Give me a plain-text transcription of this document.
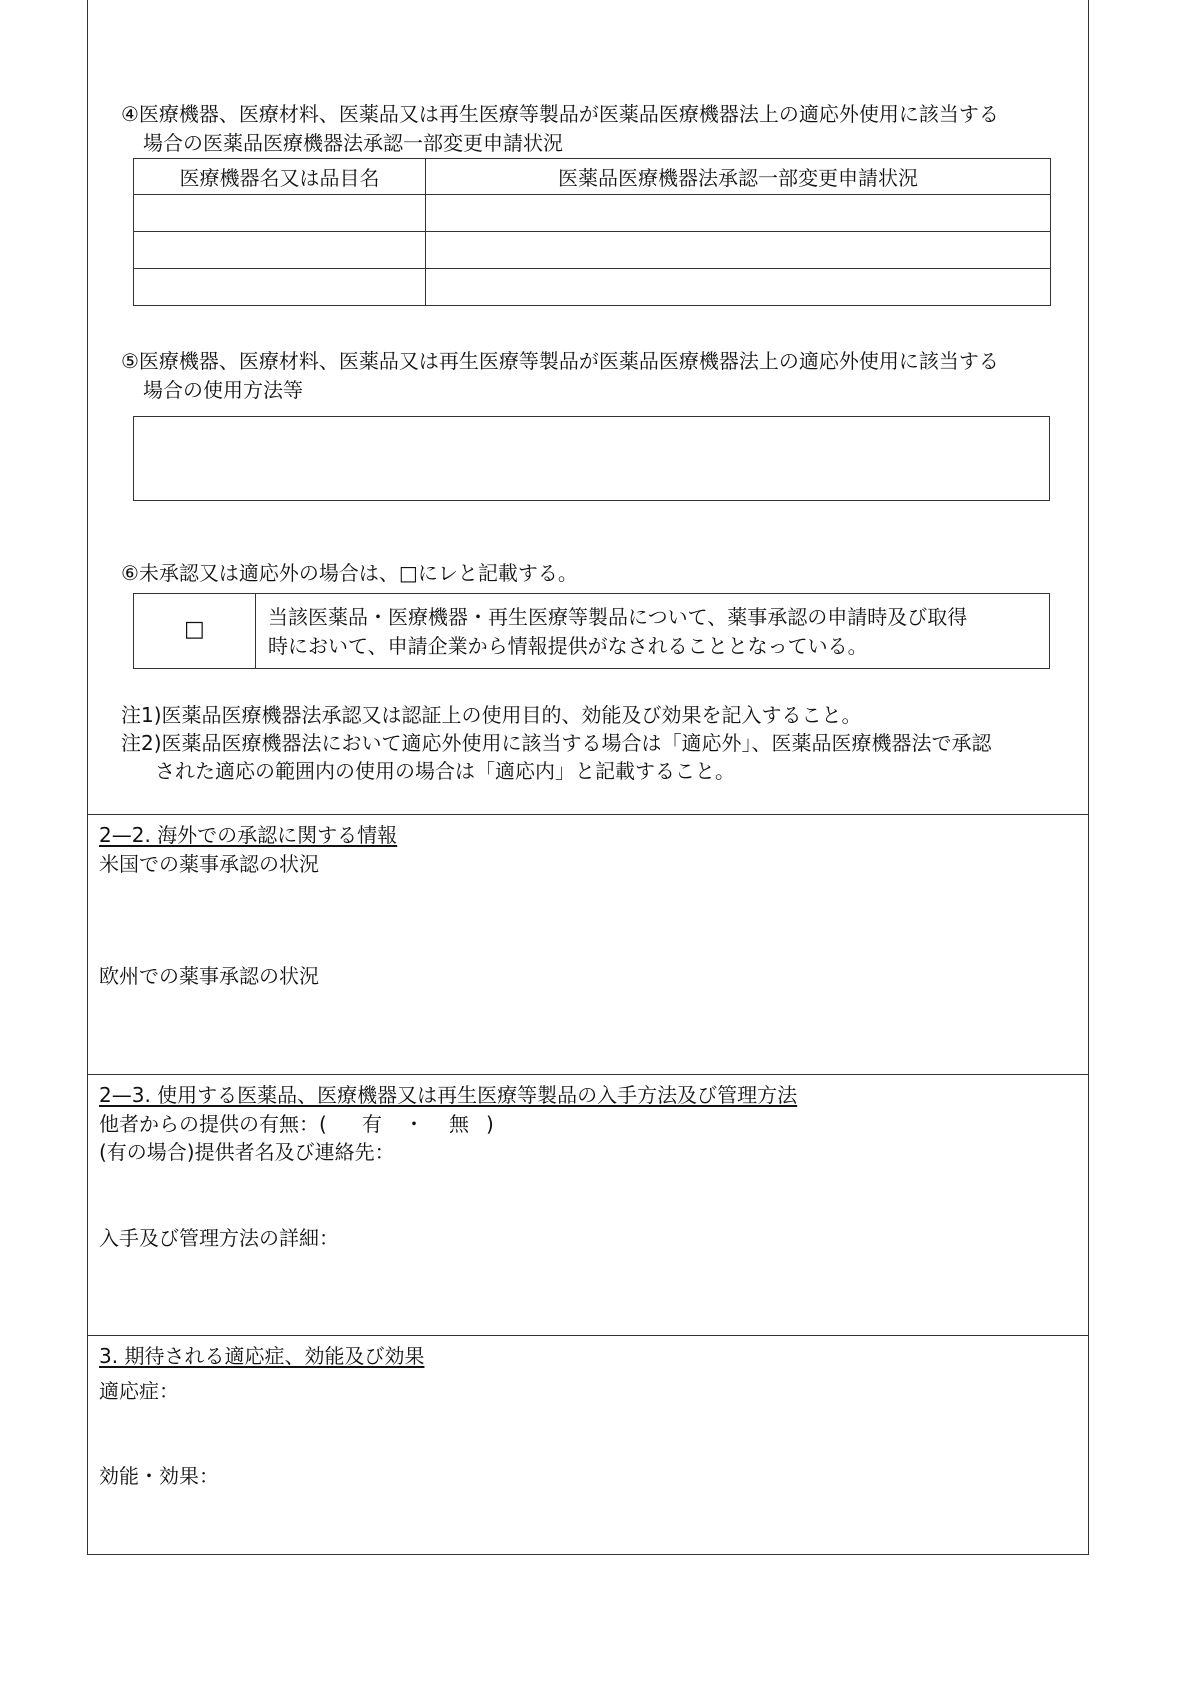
④医療機器、医療材料、医薬品又は再生医療等製品が医薬品医療機器法上の適応外使用に該当する
場合の医薬品医療機器法承認一部変更申請状況
医療機器名又は品目名	医薬品医療機器法承認一部変更申請状況

⑤医療機器、医療材料、医薬品又は再生医療等製品が医薬品医療機器法上の適応外使用に該当する
場合の使用方法等
⑥未承認又は適応外の場合は、□にレと記載する。
□	当該医薬品・医療機器・再生医療等製品について、薬事承認の申請時及び取得
時において、申請企業から情報提供がなされることとなっている。
注1)医薬品医療機器法承認又は認証上の使用目的、効能及び効果を記入すること。
注2)医薬品医療機器法において適応外使用に該当する場合は「適応外」、医薬品医療機器法で承認
された適応の範囲内の使用の場合は「適応内」と記載すること。
2—2. 海外での承認に関する情報
米国での薬事承認の状況
欧州での薬事承認の状況
2—3. 使用する医薬品、医療機器又は再生医療等製品の入手方法及び管理方法
他者からの提供の有無：( 有 ・ 無 )
(有の場合)提供者名及び連絡先：
入手及び管理方法の詳細：
3. 期待される適応症、効能及び効果
適応症：
効能・効果：
